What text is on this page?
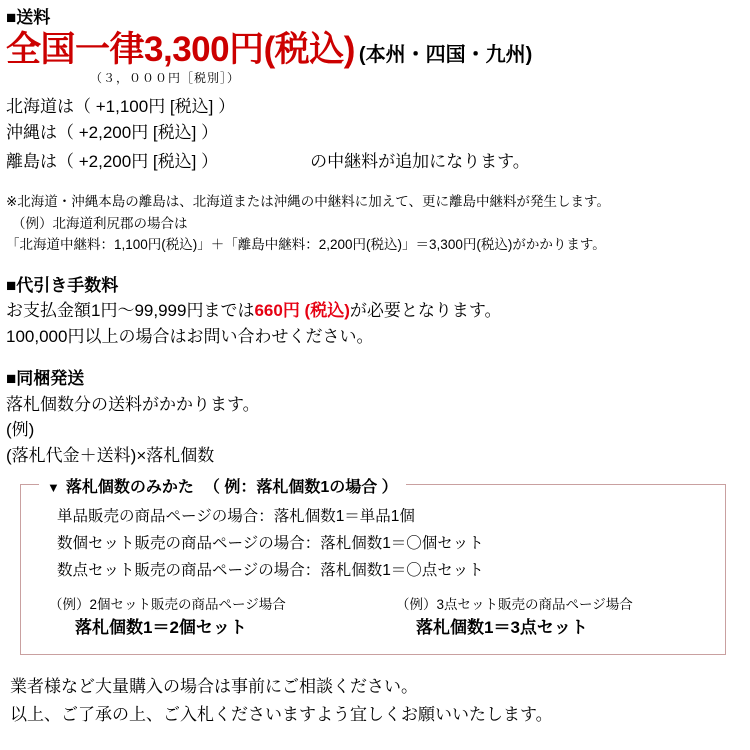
■送料
全国一律3,300円(税込) (本州・四国・九州)
（３，０００円［税別］）
北海道は（ +1,100円 [税込] ）
沖縄は（ +2,200円 [税込] ）
離島は（ +2,200円 [税込] ）	の中継料が追加になります。
※北海道・沖縄本島の離島は、北海道または沖縄の中継料に加えて、更に離島中継料が発生します。
（例）北海道利尻郡の場合は
「北海道中継料：1,100円(税込)」＋「離島中継料：2,200円(税込)」＝3,300円(税込)がかかります。
■代引き手数料
お支払金額1円～99,999円までは660円 (税込)が必要となります。
100,000円以上の場合はお問い合わせください。
■同梱発送
落札個数分の送料がかかります。
(例)
(落札代金＋送料)×落札個数
▼ 落札個数のみかた （ 例：落札個数1の場合 ）
単品販売の商品ページの場合：落札個数1＝単品1個
数個セット販売の商品ページの場合：落札個数1＝〇個セット
数点セット販売の商品ページの場合：落札個数1＝〇点セット
（例）2個セット販売の商品ページ場合
落札個数1＝2個セット
（例）3点セット販売の商品ページ場合
落札個数1＝3点セット
業者様など大量購入の場合は事前にご相談ください。
以上、ご了承の上、ご入札くださいますよう宜しくお願いいたします。
